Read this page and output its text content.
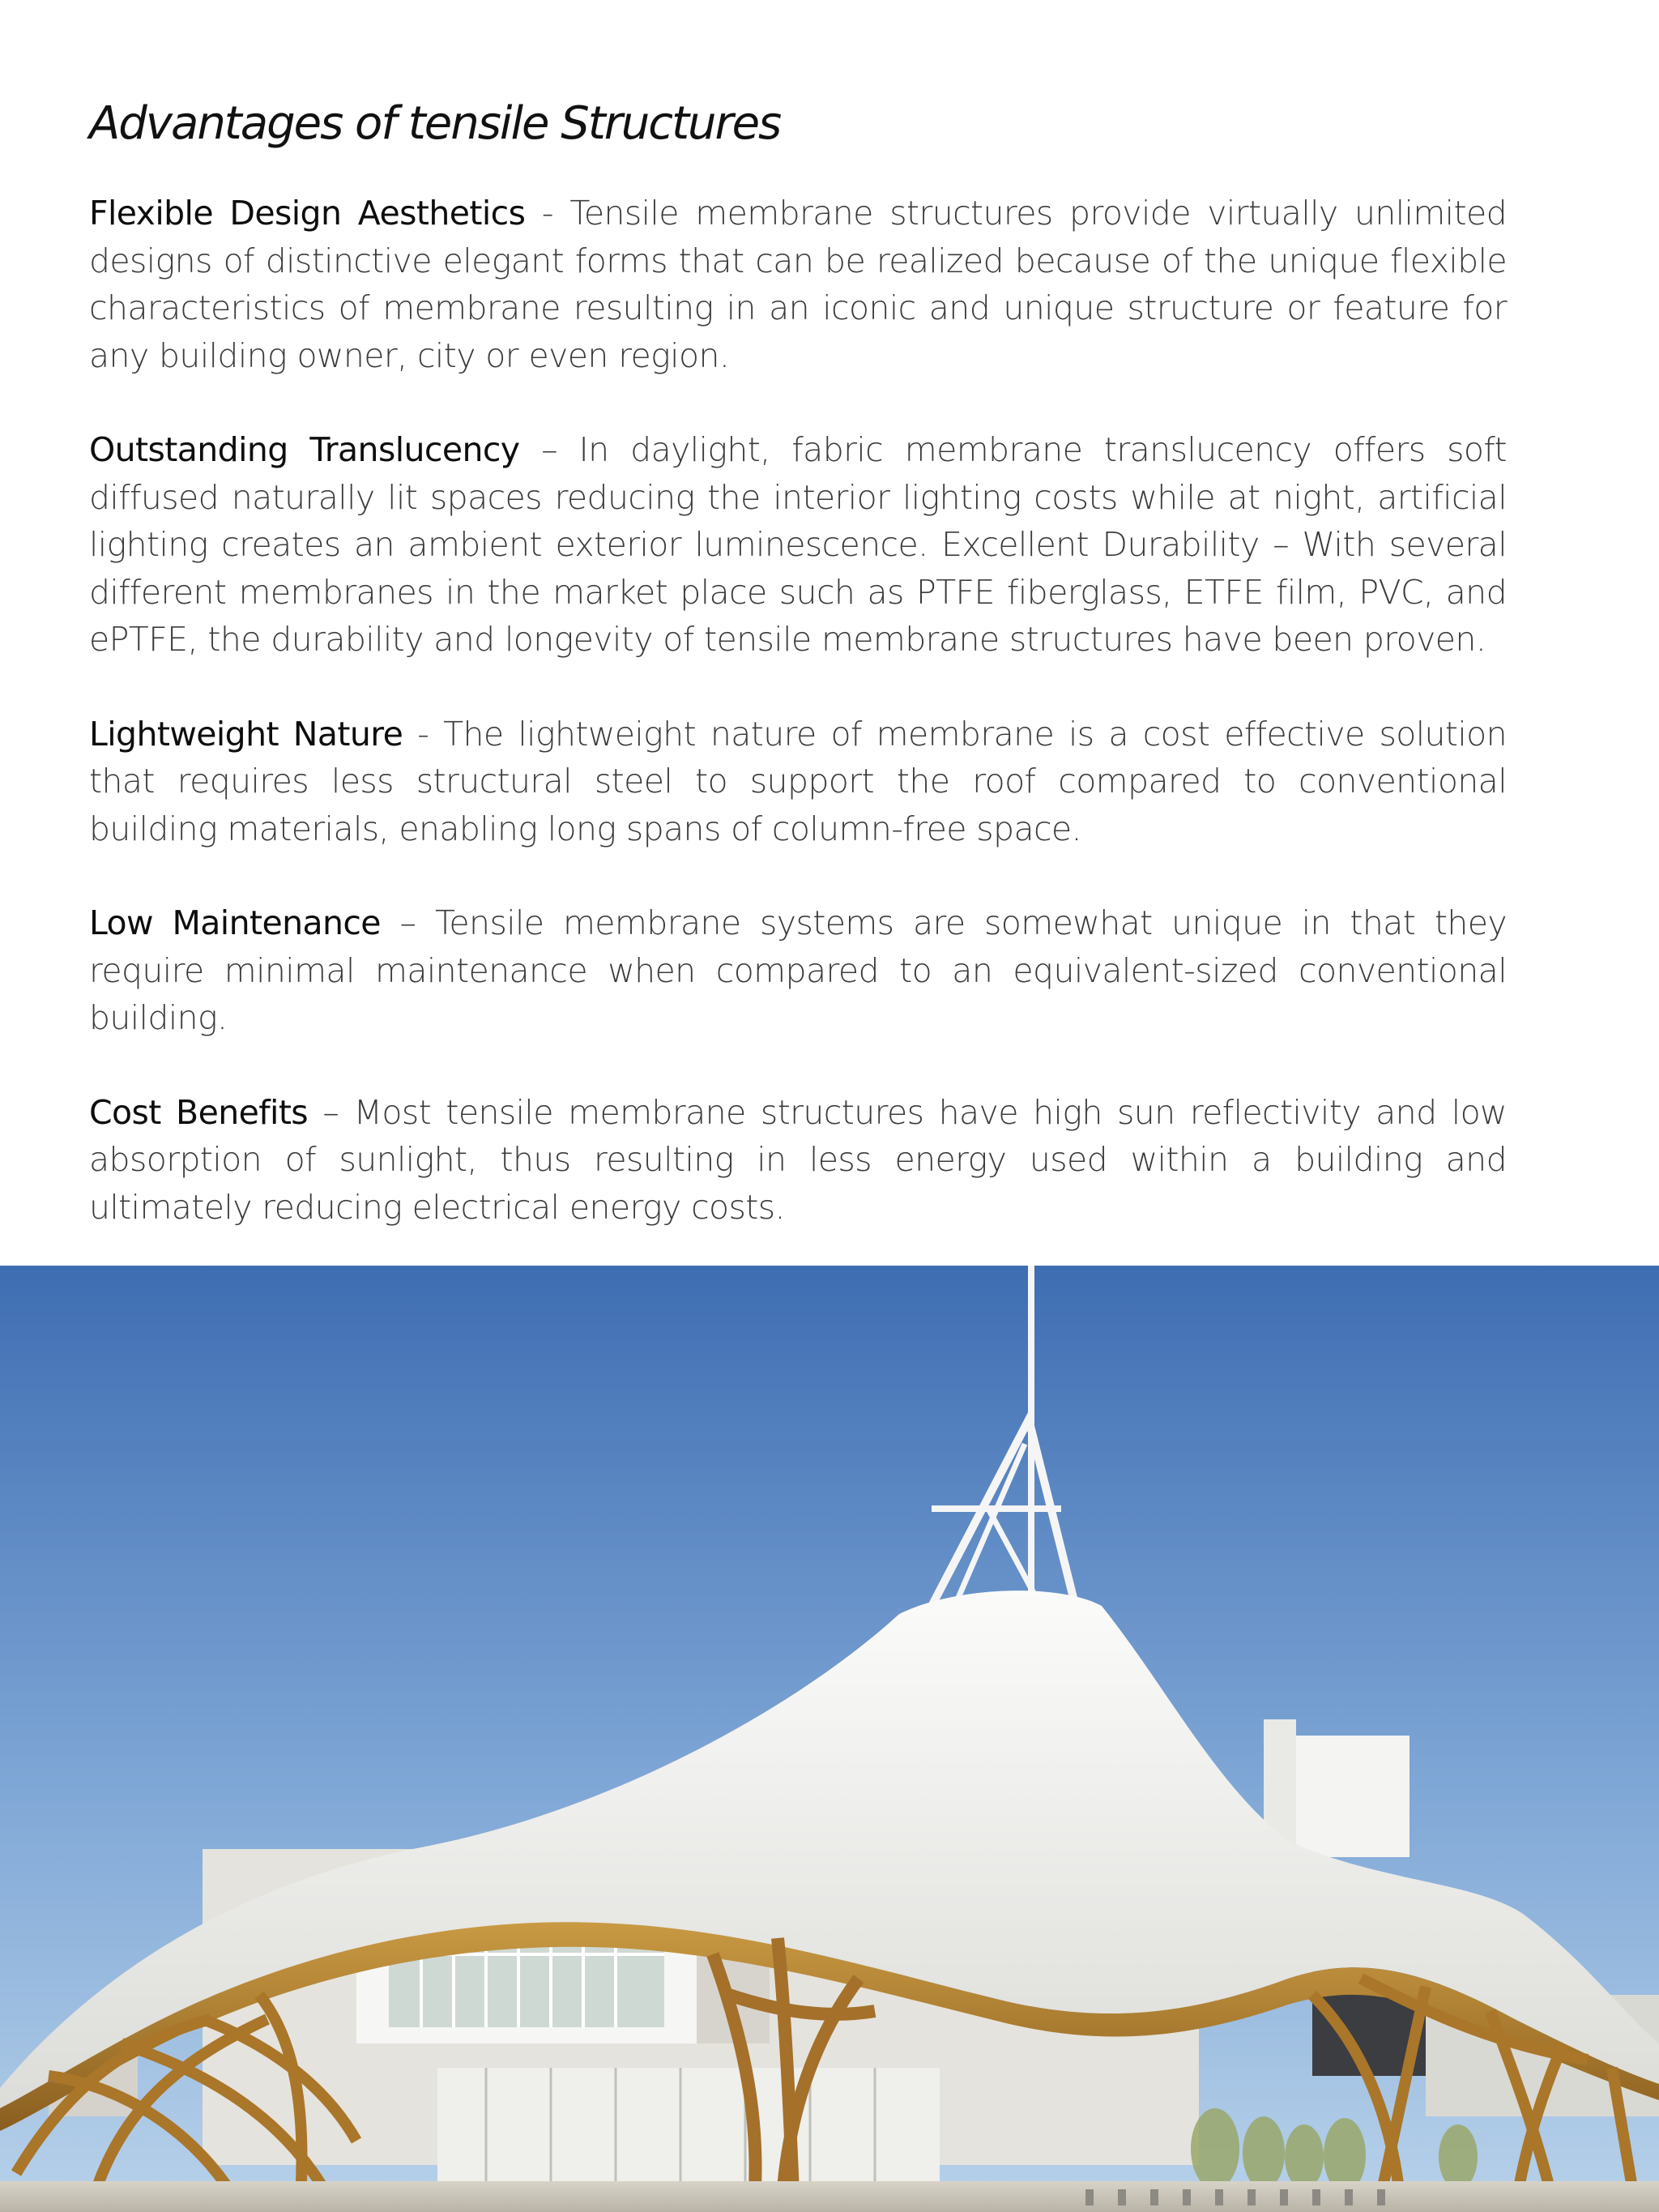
Advantages of tensile Structures

Flexible Design Aesthetics - Tensile membrane structures provide virtually unlimited designs of distinctive elegant forms that can be realized because of the unique flexible characteristics of membrane resulting in an iconic and unique structure or feature for any building owner, city or even region.

Outstanding Translucency – In daylight, fabric membrane translucency offers soft diffused naturally lit spaces reducing the interior lighting costs while at night, artificial lighting creates an ambient exterior luminescence. Excellent Durability – With several different membranes in the market place such as PTFE fiberglass, ETFE film, PVC, and ePTFE, the durability and longevity of tensile membrane structures have been proven.

Lightweight Nature - The lightweight nature of membrane is a cost effective solution that requires less structural steel to support the roof compared to conventional building materials, enabling long spans of column-free space.

Low Maintenance – Tensile membrane systems are somewhat unique in that they require minimal maintenance when compared to an equivalent-sized conventional building.

Cost Benefits – Most tensile membrane structures have high sun reflectivity and low absorption of sunlight, thus resulting in less energy used within a building and ultimately reducing electrical energy costs.
